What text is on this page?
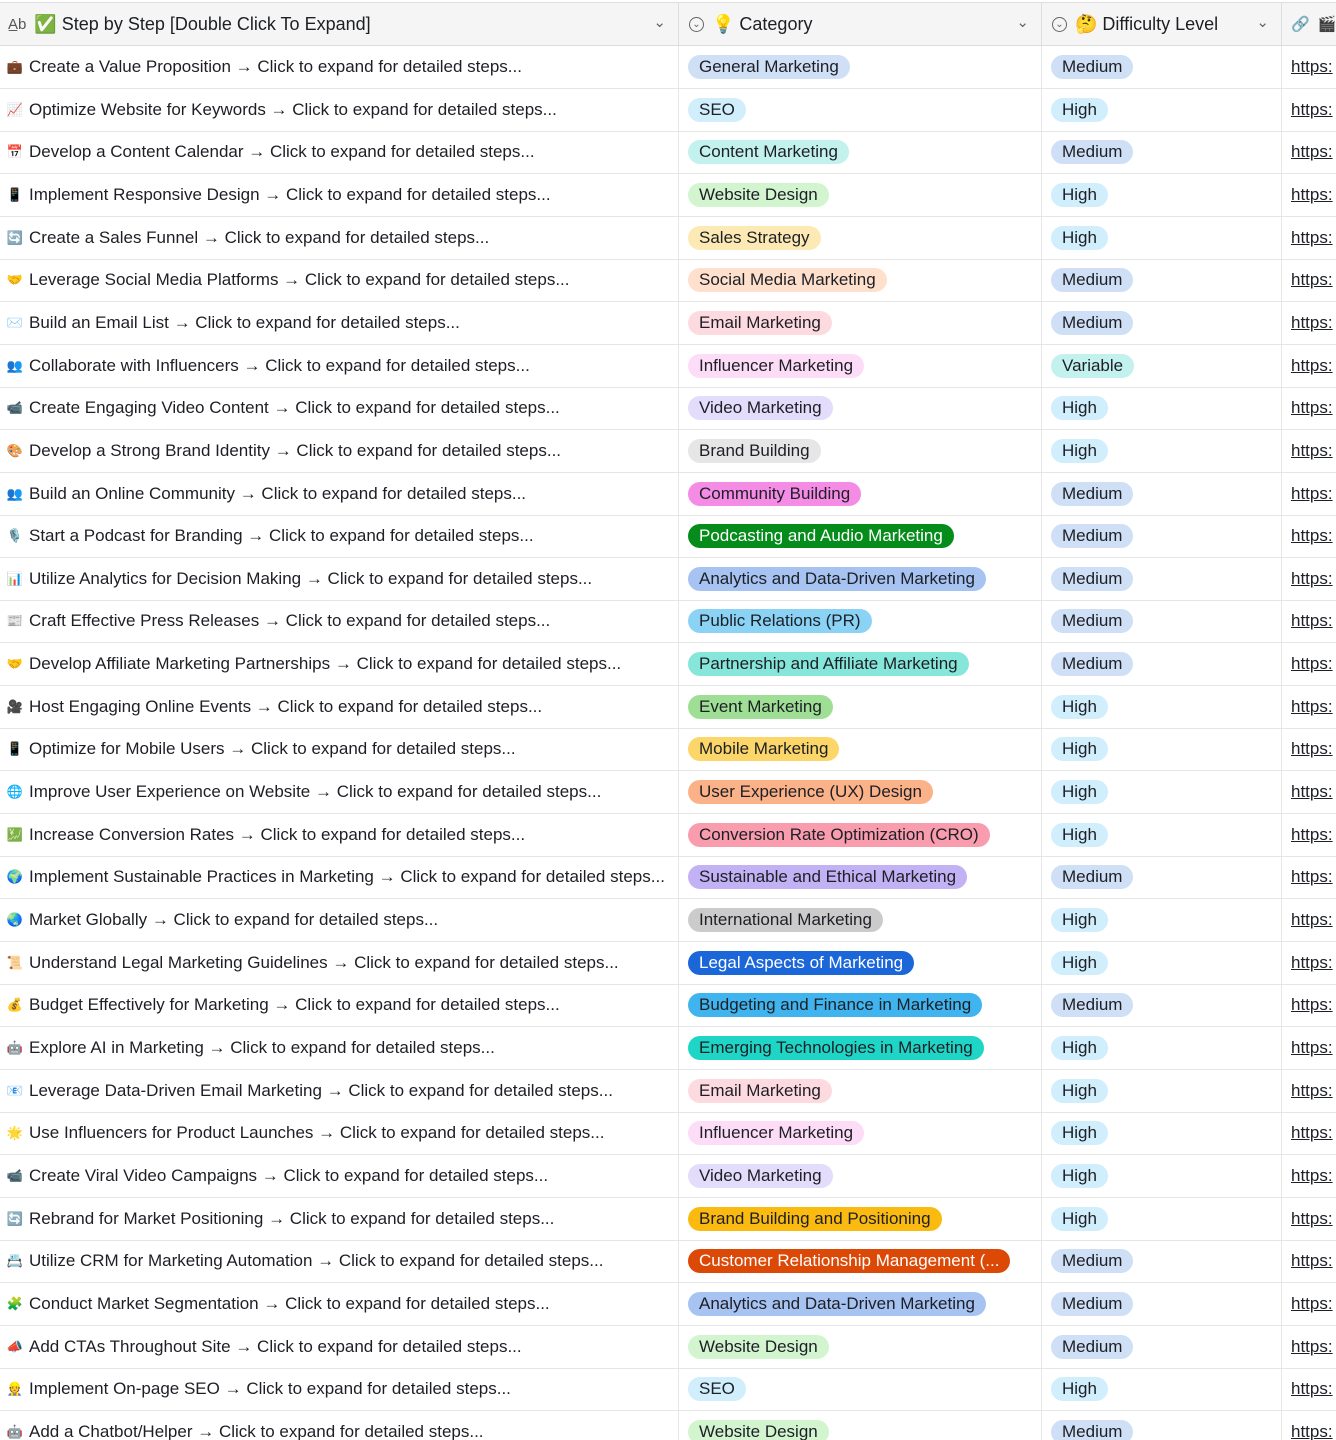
A̲b ✅ Step by Step [Double Click To Expand]	⌄	⌄ 💡 Category	⌄	⌄ 🤔 Difficulty Level	⌄ 🔗 🎬
💼 Create a Value Proposition → Click to expand for detailed steps...	General Marketing	Medium	https:
📈 Optimize Website for Keywords → Click to expand for detailed steps...	SEO	High	https:
📅 Develop a Content Calendar → Click to expand for detailed steps...	Content Marketing	Medium	https:
📱 Implement Responsive Design → Click to expand for detailed steps...	Website Design	High	https:
🔄 Create a Sales Funnel → Click to expand for detailed steps...	Sales Strategy	High	https:
🤝 Leverage Social Media Platforms → Click to expand for detailed steps...	Social Media Marketing	Medium	https:
✉️ Build an Email List → Click to expand for detailed steps...	Email Marketing	Medium	https:
👥 Collaborate with Influencers → Click to expand for detailed steps...	Influencer Marketing	Variable	https:
📹 Create Engaging Video Content → Click to expand for detailed steps...	Video Marketing	High	https:
🎨 Develop a Strong Brand Identity → Click to expand for detailed steps...	Brand Building	High	https:
👥 Build an Online Community → Click to expand for detailed steps...	Community Building	Medium	https:
🎙️ Start a Podcast for Branding → Click to expand for detailed steps...	Podcasting and Audio Marketing	Medium	https:
📊 Utilize Analytics for Decision Making → Click to expand for detailed steps...	Analytics and Data-Driven Marketing	Medium	https:
📰 Craft Effective Press Releases → Click to expand for detailed steps...	Public Relations (PR)	Medium	https:
🤝 Develop Affiliate Marketing Partnerships → Click to expand for detailed steps...	Partnership and Affiliate Marketing	Medium	https:
🎥 Host Engaging Online Events → Click to expand for detailed steps...	Event Marketing	High	https:
📱 Optimize for Mobile Users → Click to expand for detailed steps...	Mobile Marketing	High	https:
🌐 Improve User Experience on Website → Click to expand for detailed steps...	User Experience (UX) Design	High	https:
💹 Increase Conversion Rates → Click to expand for detailed steps...	Conversion Rate Optimization (CRO)	High	https:
🌍 Implement Sustainable Practices in Marketing → Click to expand for detailed steps...	Sustainable and Ethical Marketing	Medium	https:
🌏 Market Globally → Click to expand for detailed steps...	International Marketing	High	https:
📜 Understand Legal Marketing Guidelines → Click to expand for detailed steps...	Legal Aspects of Marketing	High	https:
💰 Budget Effectively for Marketing → Click to expand for detailed steps...	Budgeting and Finance in Marketing	Medium	https:
🤖 Explore AI in Marketing → Click to expand for detailed steps...	Emerging Technologies in Marketing	High	https:
📧 Leverage Data-Driven Email Marketing → Click to expand for detailed steps...	Email Marketing	High	https:
🌟 Use Influencers for Product Launches → Click to expand for detailed steps...	Influencer Marketing	High	https:
📹 Create Viral Video Campaigns → Click to expand for detailed steps...	Video Marketing	High	https:
🔄 Rebrand for Market Positioning → Click to expand for detailed steps...	Brand Building and Positioning	High	https:
📇 Utilize CRM for Marketing Automation → Click to expand for detailed steps...	Customer Relationship Management (...	Medium	https:
🧩 Conduct Market Segmentation → Click to expand for detailed steps...	Analytics and Data-Driven Marketing	Medium	https:
📣 Add CTAs Throughout Site → Click to expand for detailed steps...	Website Design	Medium	https:
👷 Implement On-page SEO → Click to expand for detailed steps...	SEO	High	https:
🤖 Add a Chatbot/Helper → Click to expand for detailed steps...	Website Design	Medium	https:
